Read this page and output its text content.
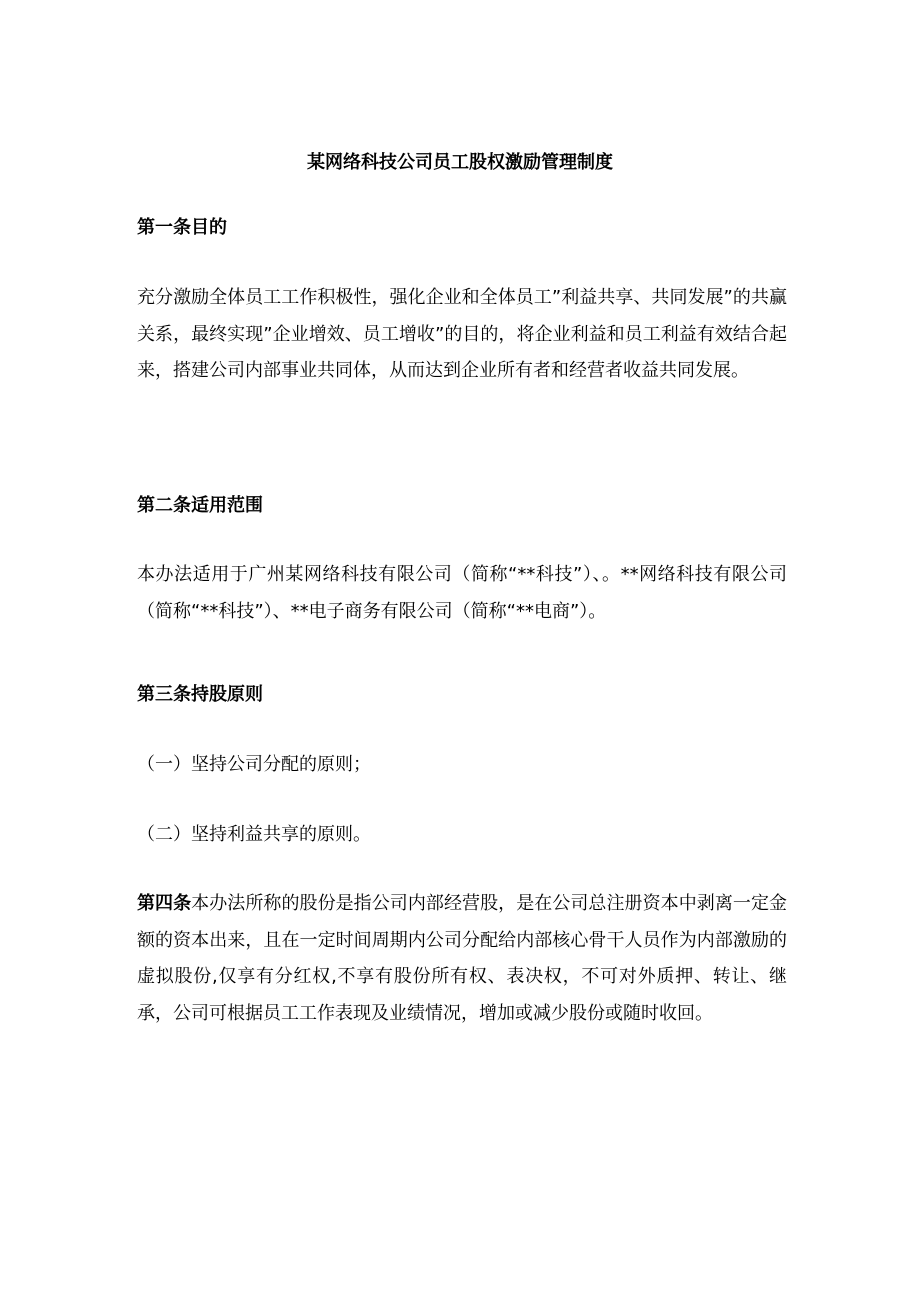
某网络科技公司员工股权激励管理制度
第一条目的

充分激励全体员工工作积极性，强化企业和全体员工”利益共享、共同发展”的共赢关系，最终实现”企业增效、员工增收”的目的，将企业利益和员工利益有效结合起来，搭建公司内部事业共同体，从而达到企业所有者和经营者收益共同发展。

第二条适用范围

本办法适用于广州某网络科技有限公司（简称“**科技”）、。**网络科技有限公司（简称“**科技”）、**电子商务有限公司（简称“**电商”）。

第三条持股原则

（一）坚持公司分配的原则；

（二）坚持利益共享的原则。

第四条本办法所称的股份是指公司内部经营股，是在公司总注册资本中剥离一定金额的资本出来，且在一定时间周期内公司分配给内部核心骨干人员作为内部激励的虚拟股份,仅享有分红权,不享有股份所有权、表决权，不可对外质押、转让、继承，公司可根据员工工作表现及业绩情况，增加或减少股份或随时收回。
